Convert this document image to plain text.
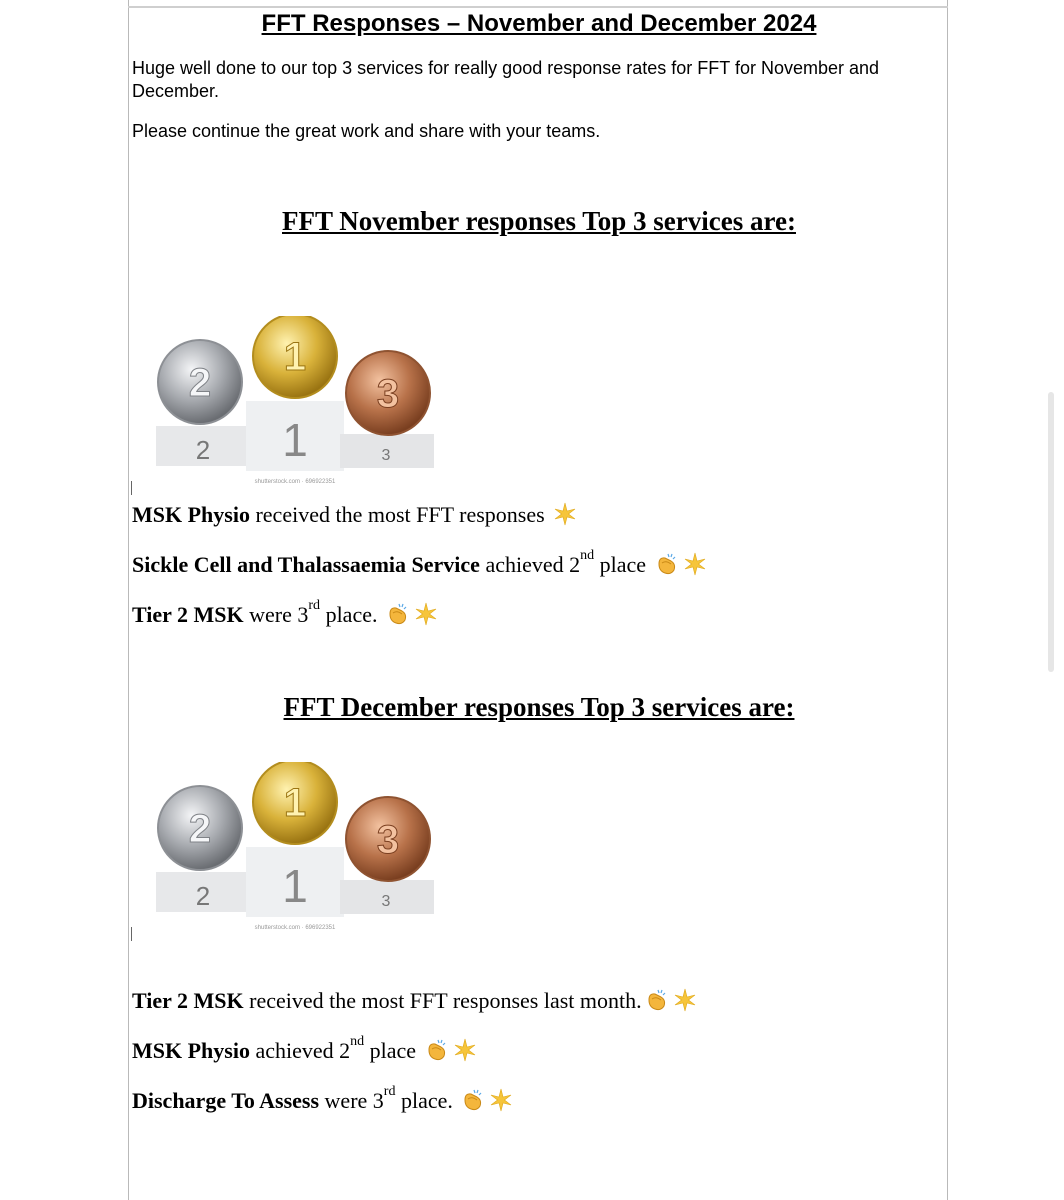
FFT Responses – November and December 2024
Huge well done to our top 3 services for really good response rates for FFT for November and December.
Please continue the great work and share with your teams.
FFT November responses Top 3 services are:
2
1
3
2 1	3
shutterstock.com · 696922351
MSK Physio received the most FFT responses
Sickle Cell and Thalassaemia Service achieved 2nd place
Tier 2 MSK were 3rd place.
FFT December responses Top 3 services are:
2
1
3
2 1	3
shutterstock.com · 696922351
Tier 2 MSK received the most FFT responses last month.
MSK Physio achieved 2nd place
Discharge To Assess were 3rd place.
